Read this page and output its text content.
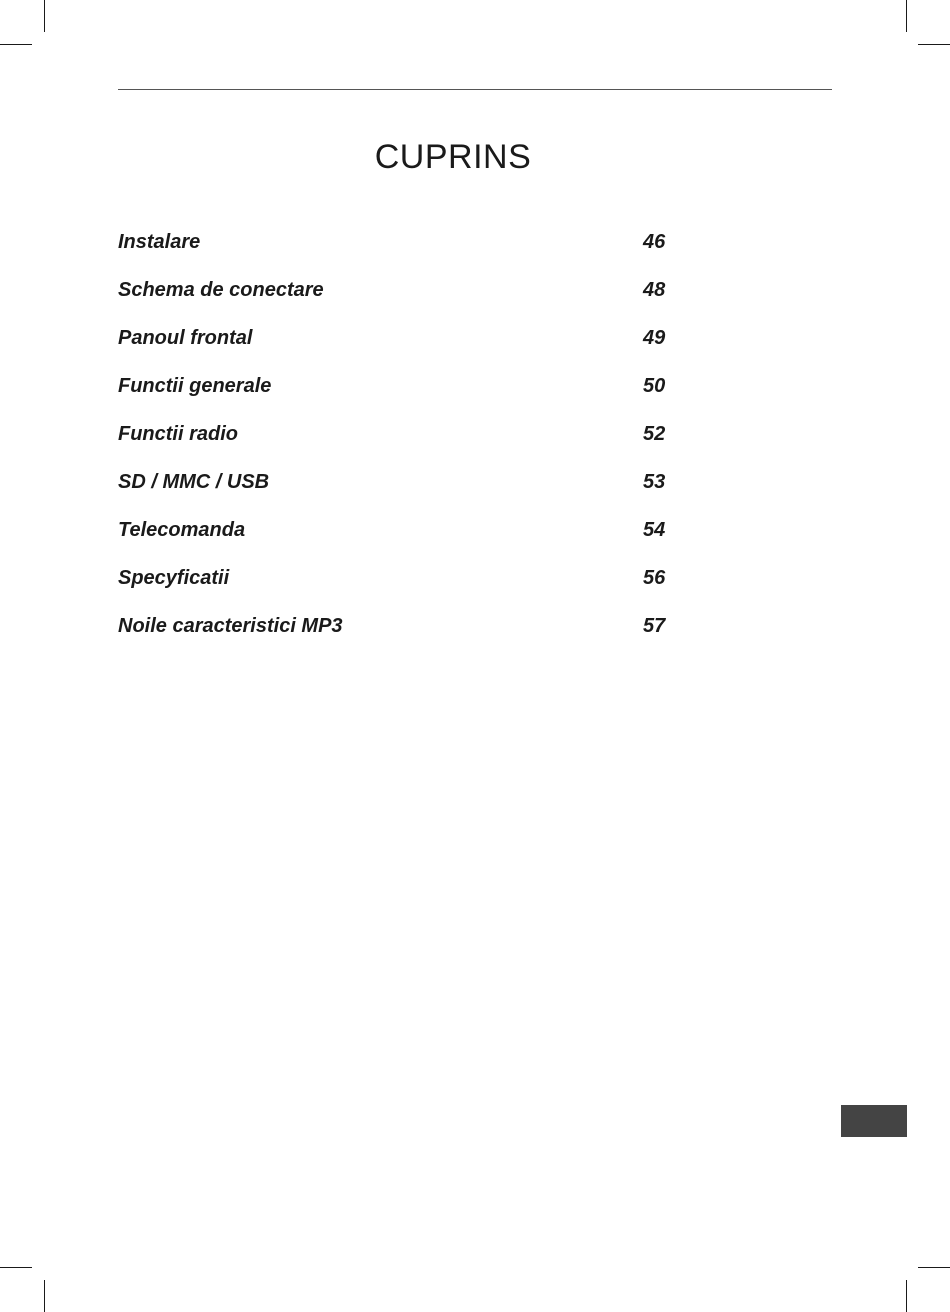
CUPRINS
Instalare	46
Schema de conectare	48
Panoul frontal	49
Functii generale	50
Functii radio	52
SD / MMC / USB	53
Telecomanda	54
Specyficatii	56
Noile caracteristici MP3	57
